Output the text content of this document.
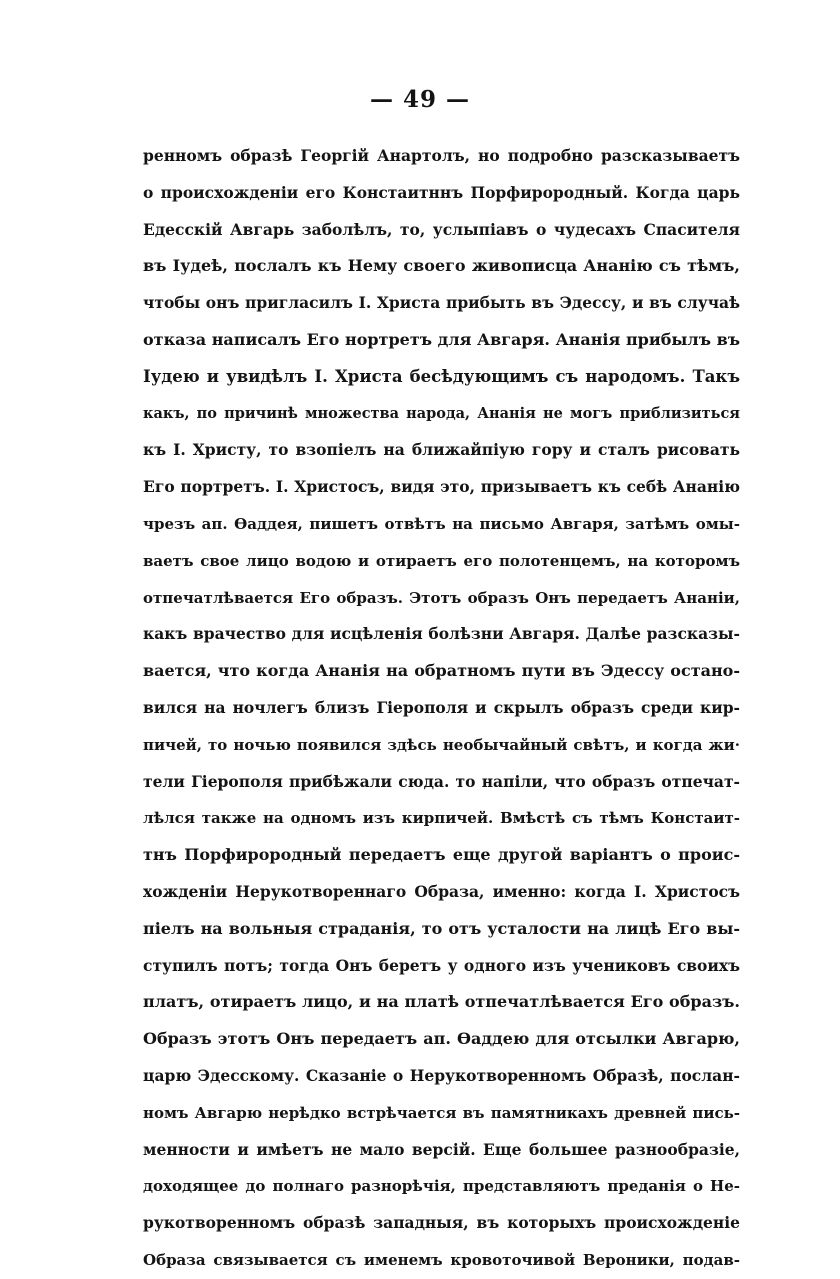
— 49 —
ренномъ образѣ Георгій Анартолъ, но подробно разсказываетъ
о происхожденіи его Констаитннъ Порфирородный. Когда царь
Едесскій Авгарь заболѣлъ, то, услыпіавъ о чудесахъ Спасителя
въ Іудеѣ, послалъ къ Нему своего живописца Ананію съ тѣмъ,
чтобы онъ пригласилъ І. Христа прибыть въ Эдессу, и въ случаѣ
отказа написалъ Его нортретъ для Авгаря. Ананія прибылъ въ
Іудею и увидѣлъ І. Христа бесѣдующимъ съ народомъ. Такъ
какъ, по причинѣ множества народа, Ананія не могъ приблизиться
къ І. Христу, то взопіелъ на ближайпіую гору и сталъ рисовать
Его портретъ. І. Христосъ, видя это, призываетъ къ себѣ Ананію
чрезъ ап. Ѳаддея, пишетъ отвѣтъ на письмо Авгаря, затѣмъ омы-
ваетъ свое лицо водою и отираетъ его полотенцемъ, на которомъ
отпечатлѣвается Его образъ. Этотъ образъ Онъ передаетъ Ананіи,
какъ врачество для исцѣленія болѣзни Авгаря. Далѣе разсказы-
вается, что когда Ананія на обратномъ пути въ Эдессу остано-
вился на ночлегъ близъ Гіерополя и скрылъ образъ среди кир-
пичей, то ночью появился здѣсь необычайный свѣтъ, и когда жи·
тели Гіерополя прибѣжали сюда. то напіли, что образъ отпечат-
лѣлся также на одномъ изъ кирпичей. Вмѣстѣ съ тѣмъ Констаит-
тнъ Порфирородный передаетъ еще другой варіантъ о проис-
хожденіи Нерукотвореннаго Образа, именно: когда І. Христосъ
піелъ на вольныя страданія, то отъ усталости на лицѣ Его вы-
ступилъ потъ; тогда Онъ беретъ у одного изъ учениковъ своихъ
платъ, отираетъ лицо, и на платѣ отпечатлѣвается Его образъ.
Образъ этотъ Онъ передаетъ ап. Ѳаддею для отсылки Авгарю,
царю Эдесскому. Сказаніе о Нерукотворенномъ Образѣ, послан-
номъ Авгарю нерѣдко встрѣчается въ памятникахъ древней пись-
менности и имѣетъ не мало версій. Еще большее разнообразіе,
доходящее до полнаго разнорѣчія, представляютъ преданія о Не-
рукотворенномъ образѣ западныя, въ которыхъ происхожденіе
Образа связывается съ именемъ кровоточивой Вероники, подав-
